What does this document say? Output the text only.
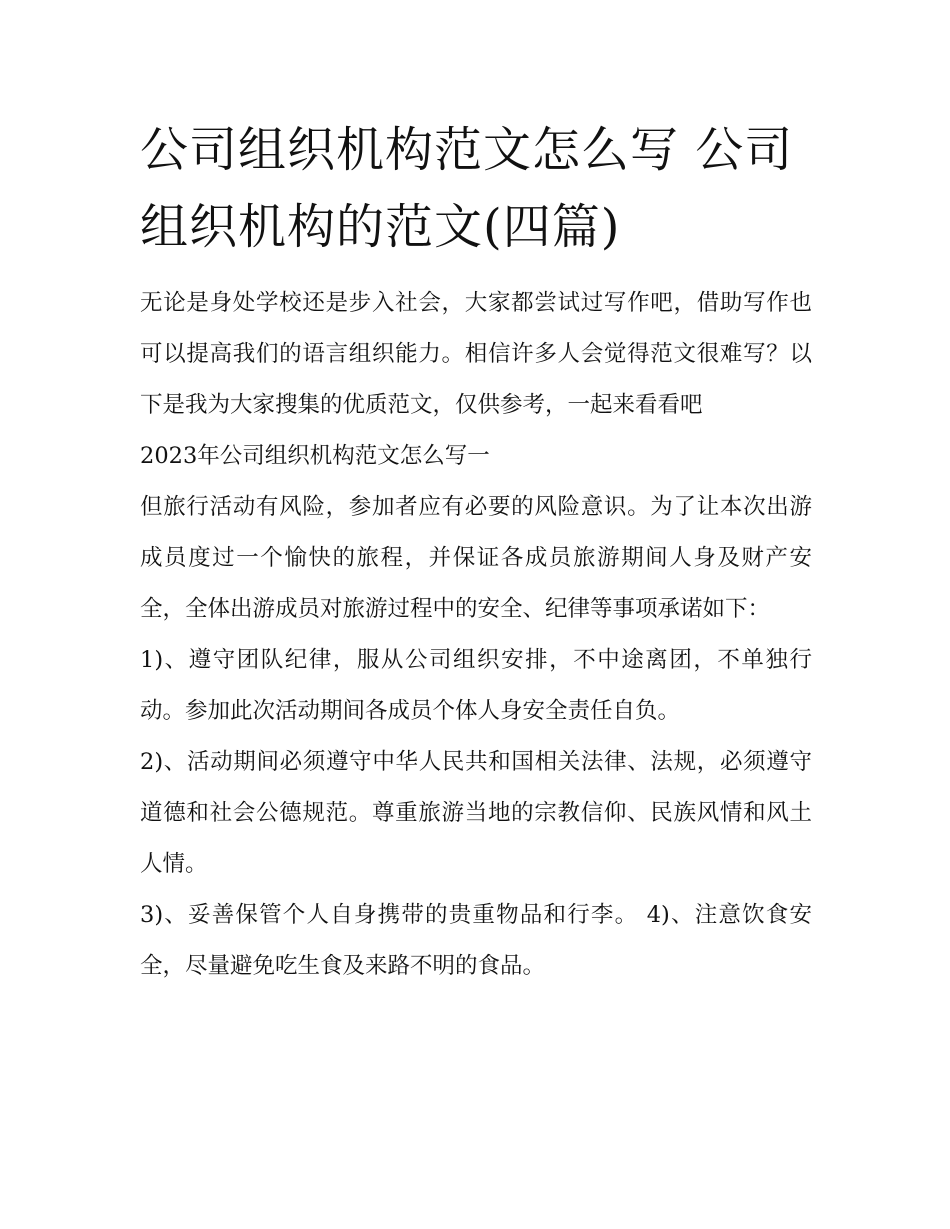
公司组织机构范文怎么写 公司组织机构的范文(四篇)

无论是身处学校还是步入社会，大家都尝试过写作吧，借助写作也可以提高我们的语言组织能力。相信许多人会觉得范文很难写？以下是我为大家搜集的优质范文，仅供参考，一起来看看吧

2023年公司组织机构范文怎么写一

但旅行活动有风险，参加者应有必要的风险意识。为了让本次出游成员度过一个愉快的旅程，并保证各成员旅游期间人身及财产安全，全体出游成员对旅游过程中的安全、纪律等事项承诺如下：

1)、遵守团队纪律，服从公司组织安排，不中途离团，不单独行动。参加此次活动期间各成员个体人身安全责任自负。

2)、活动期间必须遵守中华人民共和国相关法律、法规，必须遵守道德和社会公德规范。尊重旅游当地的宗教信仰、民族风情和风土人情。

3)、妥善保管个人自身携带的贵重物品和行李。 4)、注意饮食安全，尽量避免吃生食及来路不明的食品。
